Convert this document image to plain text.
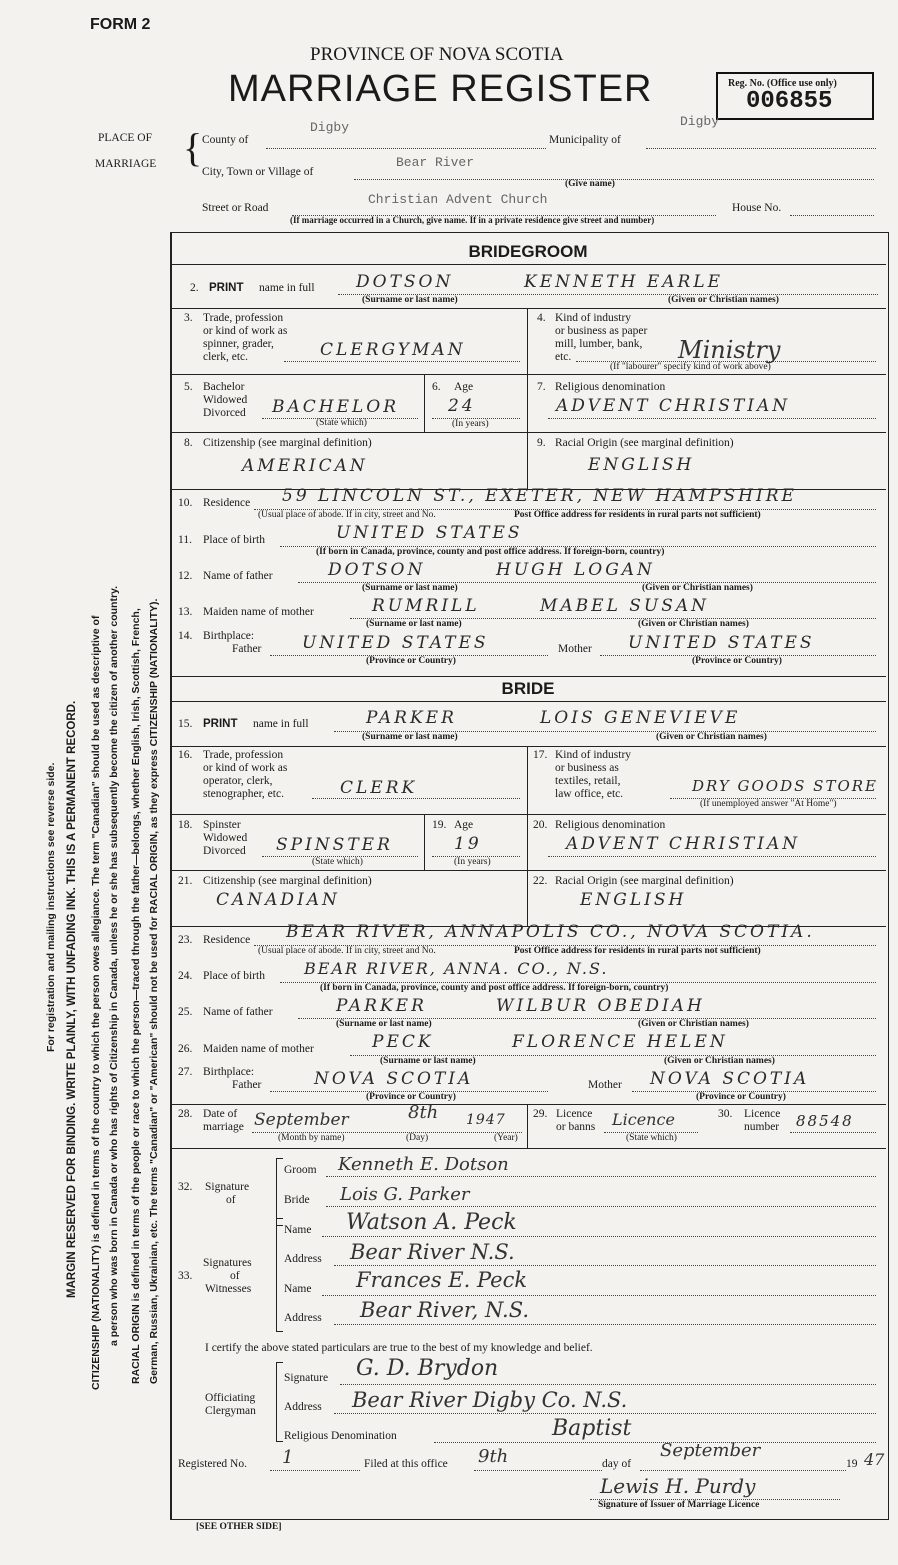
FORM 2
PROVINCE OF NOVA SCOTIA
MARRIAGE REGISTER	Reg. No. (Office use only)
006855
PLACE OF
MARRIAGE { County of
Digby
Municipality of
Digby
City, Town or Village of
Bear River
(Give name)
Street or Road
Christian Advent Church
House No.
(If marriage occurred in a Church, give name. If in a private residence give street and number)
For registration and mailing instructions see reverse side. MARGIN RESERVED FOR BINDING. WRITE PLAINLY, WITH UNFADING INK. THIS IS A PERMANENT RECORD. CITIZENSHIP (NATIONALITY) is defined in terms of the country to which the person owes allegiance. The term "Canadian" should be used as descriptive of a person who was born in Canada or who has rights of Citizenship in Canada, unless he or she has subsequently become the citizen of another country. RACIAL ORIGIN is defined in terms of the people or race to which the person—traced through the father—belongs, whether English, Irish, Scottish, French, German, Russian, Ukrainian, etc. The terms "Canadian" or "American" should not be used for RACIAL ORIGIN, as they express CITIZENSHIP (NATIONALITY).
BRIDEGROOM
2. PRINT name in full DOTSON	KENNETH EARLE
(Surname or last name)	(Given or Christian names)
3. Trade, profession
or kind of work as
spinner, grader,
clerk, etc.	CLERGYMAN
4. Kind of industry
or business as paper
mill, lumber, bank,
etc.	Ministry
(If "labourer" specify kind of work above)
5. Bachelor
Widowed
Divorced BACHELOR
(State which)
6. Age
24
(In years)
7. Religious denomination
ADVENT CHRISTIAN
8. Citizenship (see marginal definition)
AMERICAN
9. Racial Origin (see marginal definition)
ENGLISH
10. Residence 59 LINCOLN ST., EXETER, NEW HAMPSHIRE
(Usual place of abode. If in city, street and No.	Post Office address for residents in rural parts not sufficient)
11. Place of birth	UNITED STATES
(If born in Canada, province, county and post office address. If foreign-born, country)
12. Name of father	DOTSON	HUGH LOGAN
(Surname or last name)	(Given or Christian names)
13. Maiden name of mother	RUMRILL	MABEL SUSAN
(Surname or last name)	(Given or Christian names)
14. Birthplace:
Father UNITED STATES
(Province or Country)
Mother UNITED STATES
(Province or Country)
BRIDE
15. PRINT name in full	PARKER	LOIS GENEVIEVE
(Surname or last name)	(Given or Christian names)
16. Trade, profession
or kind of work as
operator, clerk,
stenographer, etc.	CLERK
17. Kind of industry
or business as
textiles, retail,
law office, etc.	DRY GOODS STORE
(If unemployed answer "At Home")
18. Spinster
Widowed
Divorced SPINSTER
(State which)
19. Age
19
(In years)
20. Religious denomination
ADVENT CHRISTIAN
21. Citizenship (see marginal definition)
CANADIAN
22. Racial Origin (see marginal definition)
ENGLISH
23. Residence BEAR RIVER, ANNAPOLIS CO., NOVA SCOTIA.
(Usual place of abode. If in city, street and No.	Post Office address for residents in rural parts not sufficient)
24. Place of birth BEAR RIVER, ANNA. CO., N.S.
(If born in Canada, province, county and post office address. If foreign-born, country)
25. Name of father	PARKER	WILBUR OBEDIAH
(Surname or last name)	(Given or Christian names)
26. Maiden name of mother	PECK	FLORENCE HELEN
(Surname or last name)	(Given or Christian names)
27. Birthplace:
Father	NOVA SCOTIA
(Province or Country)
Mother NOVA SCOTIA
(Province or Country)
28. Date of
marriage September	8th 1947
(Month by name)	(Day)	(Year)
29. Licence
or banns Licence
(State which)
30. Licence
number 88548
32. Signature
of
Groom Kenneth E. Dotson
Bride Lois G. Parker
33.
Signatures
of
Witnesses
Name Watson A. Peck
Address Bear River N.S.
Name Frances E. Peck
Address Bear River, N.S.
I certify the above stated particulars are true to the best of my knowledge and belief.
Officiating
Clergyman
Signature G. D. Brydon
Address Bear River Digby Co. N.S.
Religious Denomination	Baptist
Registered No. 1	Filed at this office 9th	day of
September
19 47
Lewis H. Purdy
Signature of Issuer of Marriage Licence
[SEE OTHER SIDE]
